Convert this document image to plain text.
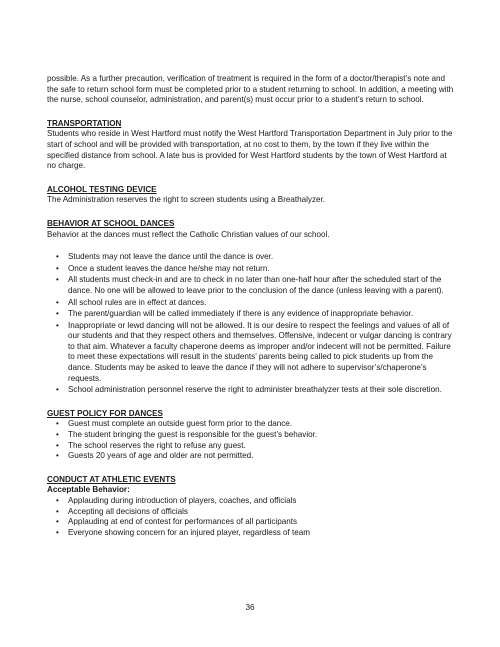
possible. As a further precaution, verification of treatment is required in the form of a doctor/therapist’s note and the safe to return school form must be completed prior to a student returning to school. In addition, a meeting with the nurse, school counselor, administration, and parent(s) must occur prior to a student’s return to school.

TRANSPORTATION

Students who reside in West Hartford must notify the West Hartford Transportation Department in July prior to the start of school and will be provided with transportation, at no cost to them, by the town if they live within the specified distance from school. A late bus is provided for West Hartford students by the town of West Hartford at no charge.

ALCOHOL TESTING DEVICE

The Administration reserves the right to screen students using a Breathalyzer.

BEHAVIOR AT SCHOOL DANCES

Behavior at the dances must reflect the Catholic Christian values of our school.

• Students may not leave the dance until the dance is over.
• Once a student leaves the dance he/she may not return.
• All students must check-in and are to check in no later than one-half hour after the scheduled start of the dance. No one will be allowed to leave prior to the conclusion of the dance (unless leaving with a parent).
• All school rules are in effect at dances.
• The parent/guardian will be called immediately if there is any evidence of inappropriate behavior.
• Inappropriate or lewd dancing will not be allowed. It is our desire to respect the feelings and values of all of our students and that they respect others and themselves. Offensive, indecent or vulgar dancing is contrary to that aim. Whatever a faculty chaperone deems as improper and/or indecent will not be permitted. Failure to meet these expectations will result in the students’ parents being called to pick students up from the dance. Students may be asked to leave the dance if they will not adhere to supervisor’s/chaperone’s requests.
• School administration personnel reserve the right to administer breathalyzer tests at their sole discretion.

GUEST POLICY FOR DANCES

• Guest must complete an outside guest form prior to the dance.
• The student bringing the guest is responsible for the guest’s behavior.
• The school reserves the right to refuse any guest.
• Guests 20 years of age and older are not permitted.

CONDUCT AT ATHLETIC EVENTS

Acceptable Behavior:

• Applauding during introduction of players, coaches, and officials
• Accepting all decisions of officials
• Applauding at end of contest for performances of all participants
• Everyone showing concern for an injured player, regardless of team
36
